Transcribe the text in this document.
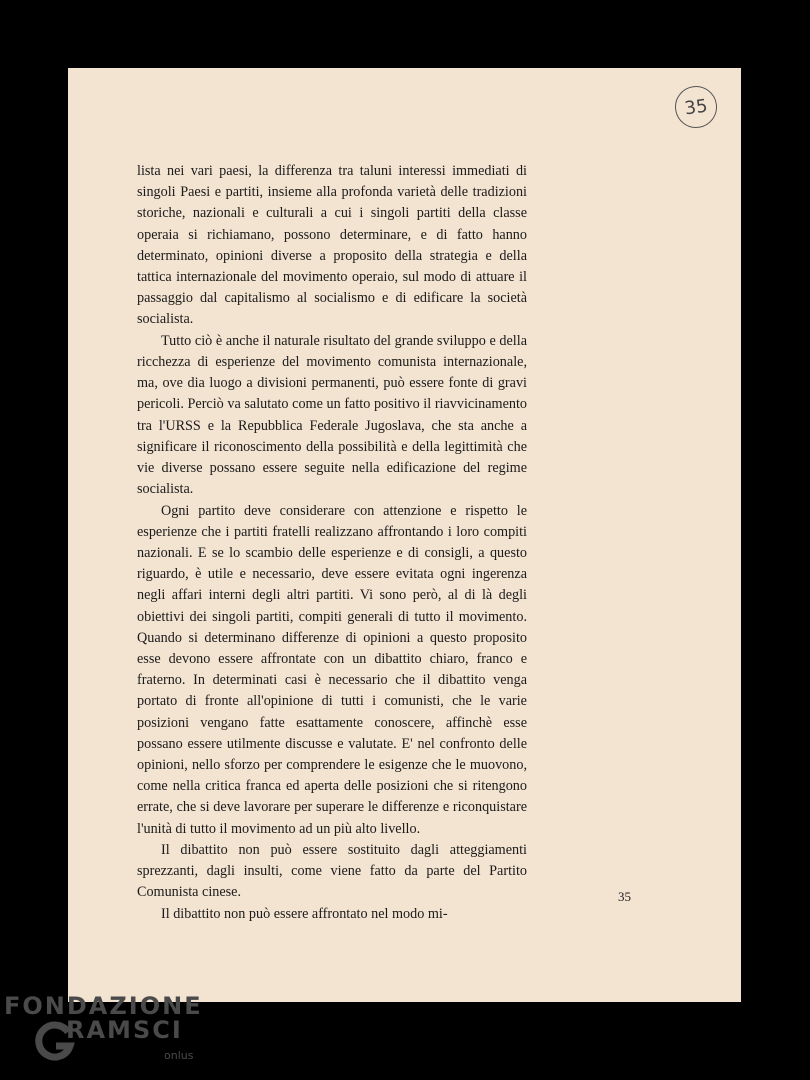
35

lista nei vari paesi, la differenza tra taluni interessi immediati di singoli Paesi e partiti, insieme alla profonda varietà delle tradizioni storiche, nazionali e culturali a cui i singoli partiti della classe operaia si richiamano, possono determinare, e di fatto hanno determinato, opinioni diverse a proposito della strategia e della tattica internazionale del movimento operaio, sul modo di attuare il passaggio dal capitalismo al socialismo e di edificare la società socialista.

Tutto ciò è anche il naturale risultato del grande sviluppo e della ricchezza di esperienze del movimento comunista internazionale, ma, ove dia luogo a divisioni permanenti, può essere fonte di gravi pericoli. Perciò va salutato come un fatto positivo il riavvicinamento tra l'URSS e la Repubblica Federale Jugoslava, che sta anche a significare il riconoscimento della possibilità e della legittimità che vie diverse possano essere seguite nella edificazione del regime socialista.

Ogni partito deve considerare con attenzione e rispetto le esperienze che i partiti fratelli realizzano affrontando i loro compiti nazionali. E se lo scambio delle esperienze e di consigli, a questo riguardo, è utile e necessario, deve essere evitata ogni ingerenza negli affari interni degli altri partiti. Vi sono però, al di là degli obiettivi dei singoli partiti, compiti generali di tutto il movimento. Quando si determinano differenze di opinioni a questo proposito esse devono essere affrontate con un dibattito chiaro, franco e fraterno. In determinati casi è necessario che il dibattito venga portato di fronte all'opinione di tutti i comunisti, che le varie posizioni vengano fatte esattamente conoscere, affinchè esse possano essere utilmente discusse e valutate. E' nel confronto delle opinioni, nello sforzo per comprendere le esigenze che le muovono, come nella critica franca ed aperta delle posizioni che si ritengono errate, che si deve lavorare per superare le differenze e riconquistare l'unità di tutto il movimento ad un più alto livello.

Il dibattito non può essere sostituito dagli atteggiamenti sprezzanti, dagli insulti, come viene fatto da parte del Partito Comunista cinese.

Il dibattito non può essere affrontato nel modo mi-

35
FONDAZIONE
RAMSCI
onlus
